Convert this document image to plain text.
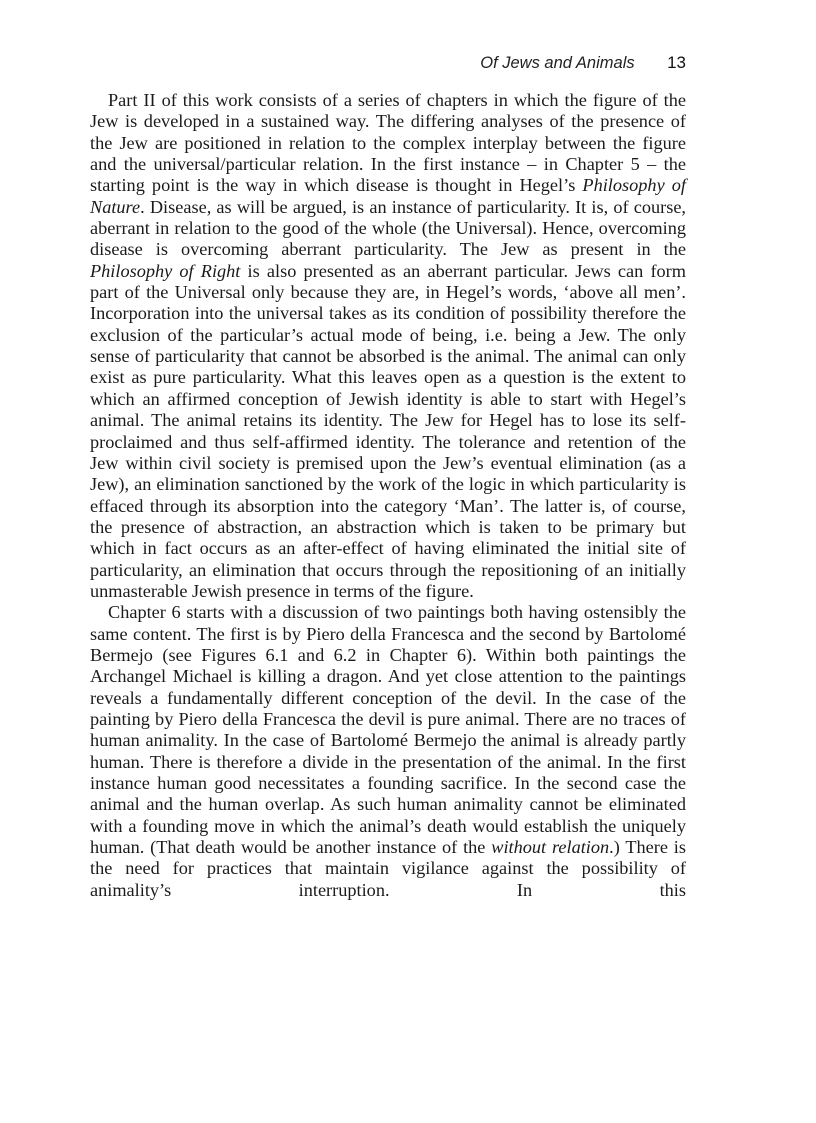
Of Jews and Animals 13

Part II of this work consists of a series of chapters in which the figure of the Jew is developed in a sustained way. The differing analyses of the presence of the Jew are positioned in relation to the complex interplay between the figure and the universal/particular relation. In the first instance – in Chapter 5 – the starting point is the way in which disease is thought in Hegel’s Philosophy of Nature. Disease, as will be argued, is an instance of particularity. It is, of course, aberrant in relation to the good of the whole (the Universal). Hence, overcoming disease is overcoming aberrant particularity. The Jew as present in the Philosophy of Right is also presented as an aberrant particular. Jews can form part of the Universal only because they are, in Hegel’s words, ‘above all men’. Incorporation into the universal takes as its condition of possibility therefore the exclusion of the particular’s actual mode of being, i.e. being a Jew. The only sense of particularity that cannot be absorbed is the animal. The animal can only exist as pure particularity. What this leaves open as a question is the extent to which an affirmed conception of Jewish identity is able to start with Hegel’s animal. The animal retains its identity. The Jew for Hegel has to lose its self-proclaimed and thus self-affirmed identity. The tolerance and retention of the Jew within civil society is premised upon the Jew’s eventual elimination (as a Jew), an elimination sanctioned by the work of the logic in which particularity is effaced through its absorption into the category ‘Man’. The latter is, of course, the presence of abstraction, an abstraction which is taken to be primary but which in fact occurs as an after-effect of having eliminated the initial site of particularity, an elimination that occurs through the repositioning of an initially unmasterable Jewish presence in terms of the figure.

Chapter 6 starts with a discussion of two paintings both having ostensibly the same content. The first is by Piero della Francesca and the second by Bartolomé Bermejo (see Figures 6.1 and 6.2 in Chapter 6). Within both paintings the Archangel Michael is killing a dragon. And yet close attention to the paintings reveals a fundamentally different conception of the devil. In the case of the painting by Piero della Francesca the devil is pure animal. There are no traces of human animality. In the case of Bartolomé Bermejo the animal is already partly human. There is therefore a divide in the presentation of the animal. In the first instance human good necessitates a founding sacrifice. In the second case the animal and the human overlap. As such human animality cannot be eliminated with a founding move in which the animal’s death would establish the uniquely human. (That death would be another instance of the without relation.) There is the need for practices that maintain vigilance against the possibility of animality’s interruption. In this
